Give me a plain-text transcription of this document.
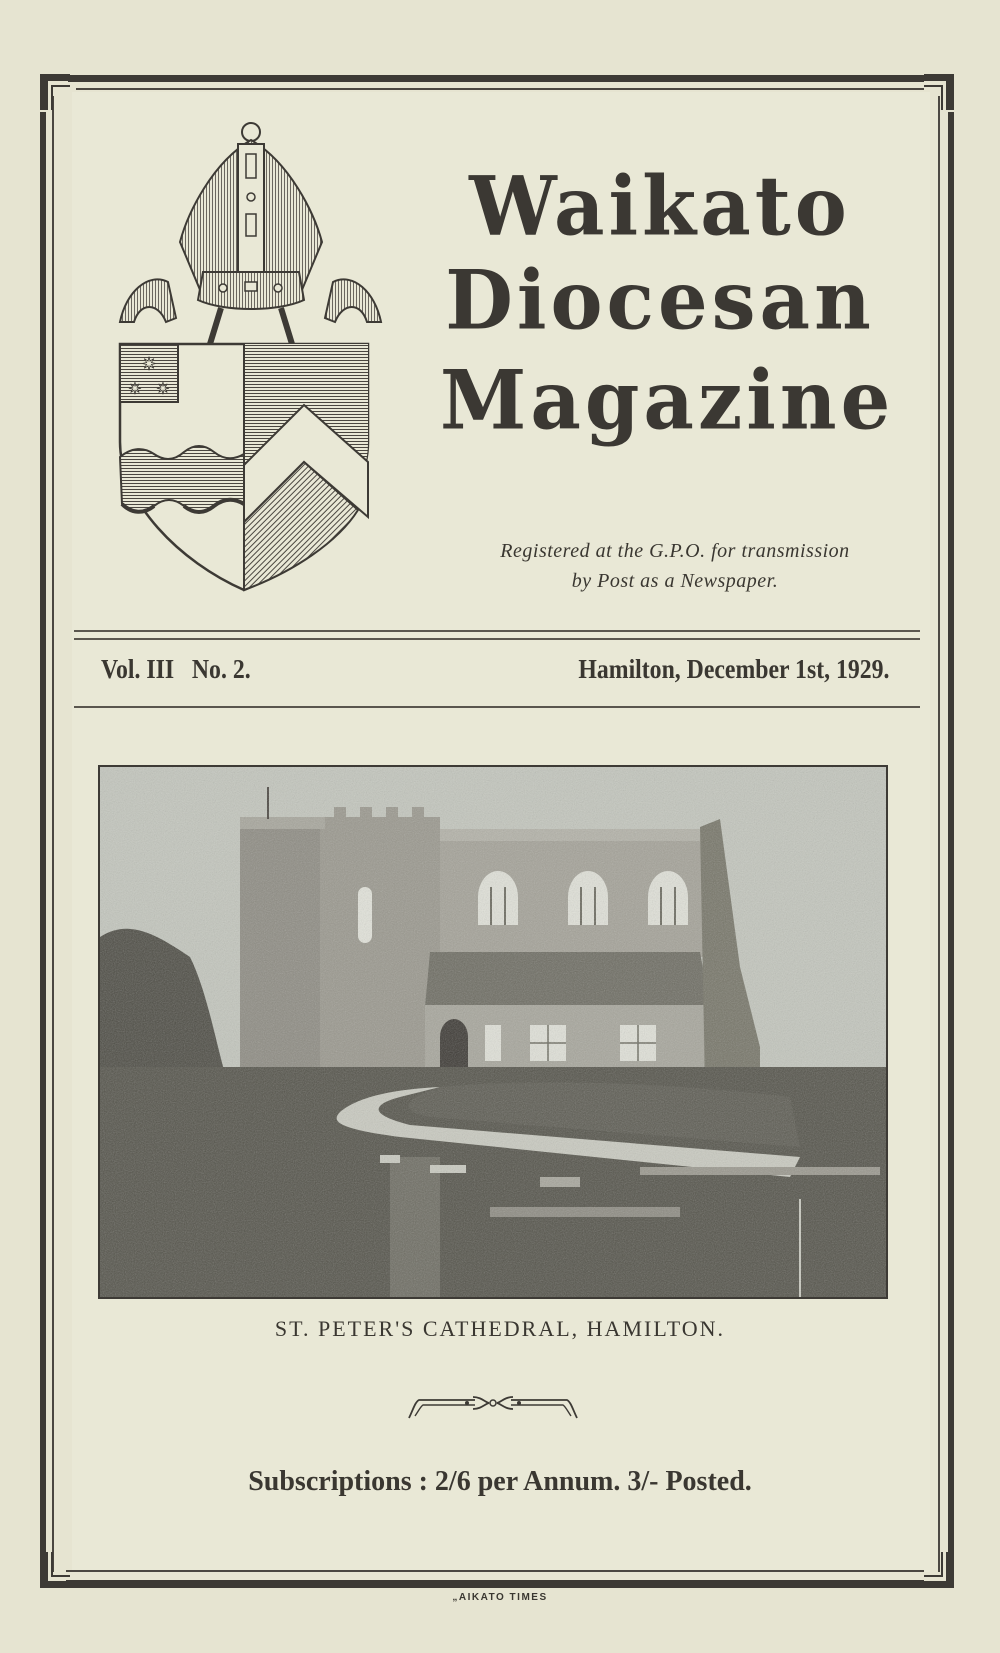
✷
✷ ✷
Waikato
Diocesan
Magazine
Registered at the G.P.O. for transmission
by Post as a Newspaper.
Vol. III No. 2.	Hamilton, December 1st, 1929.
ST. PETER'S CATHEDRAL, HAMILTON.
Subscriptions : 2/6 per Annum. 3/- Posted.
„AIKATO TIMES
